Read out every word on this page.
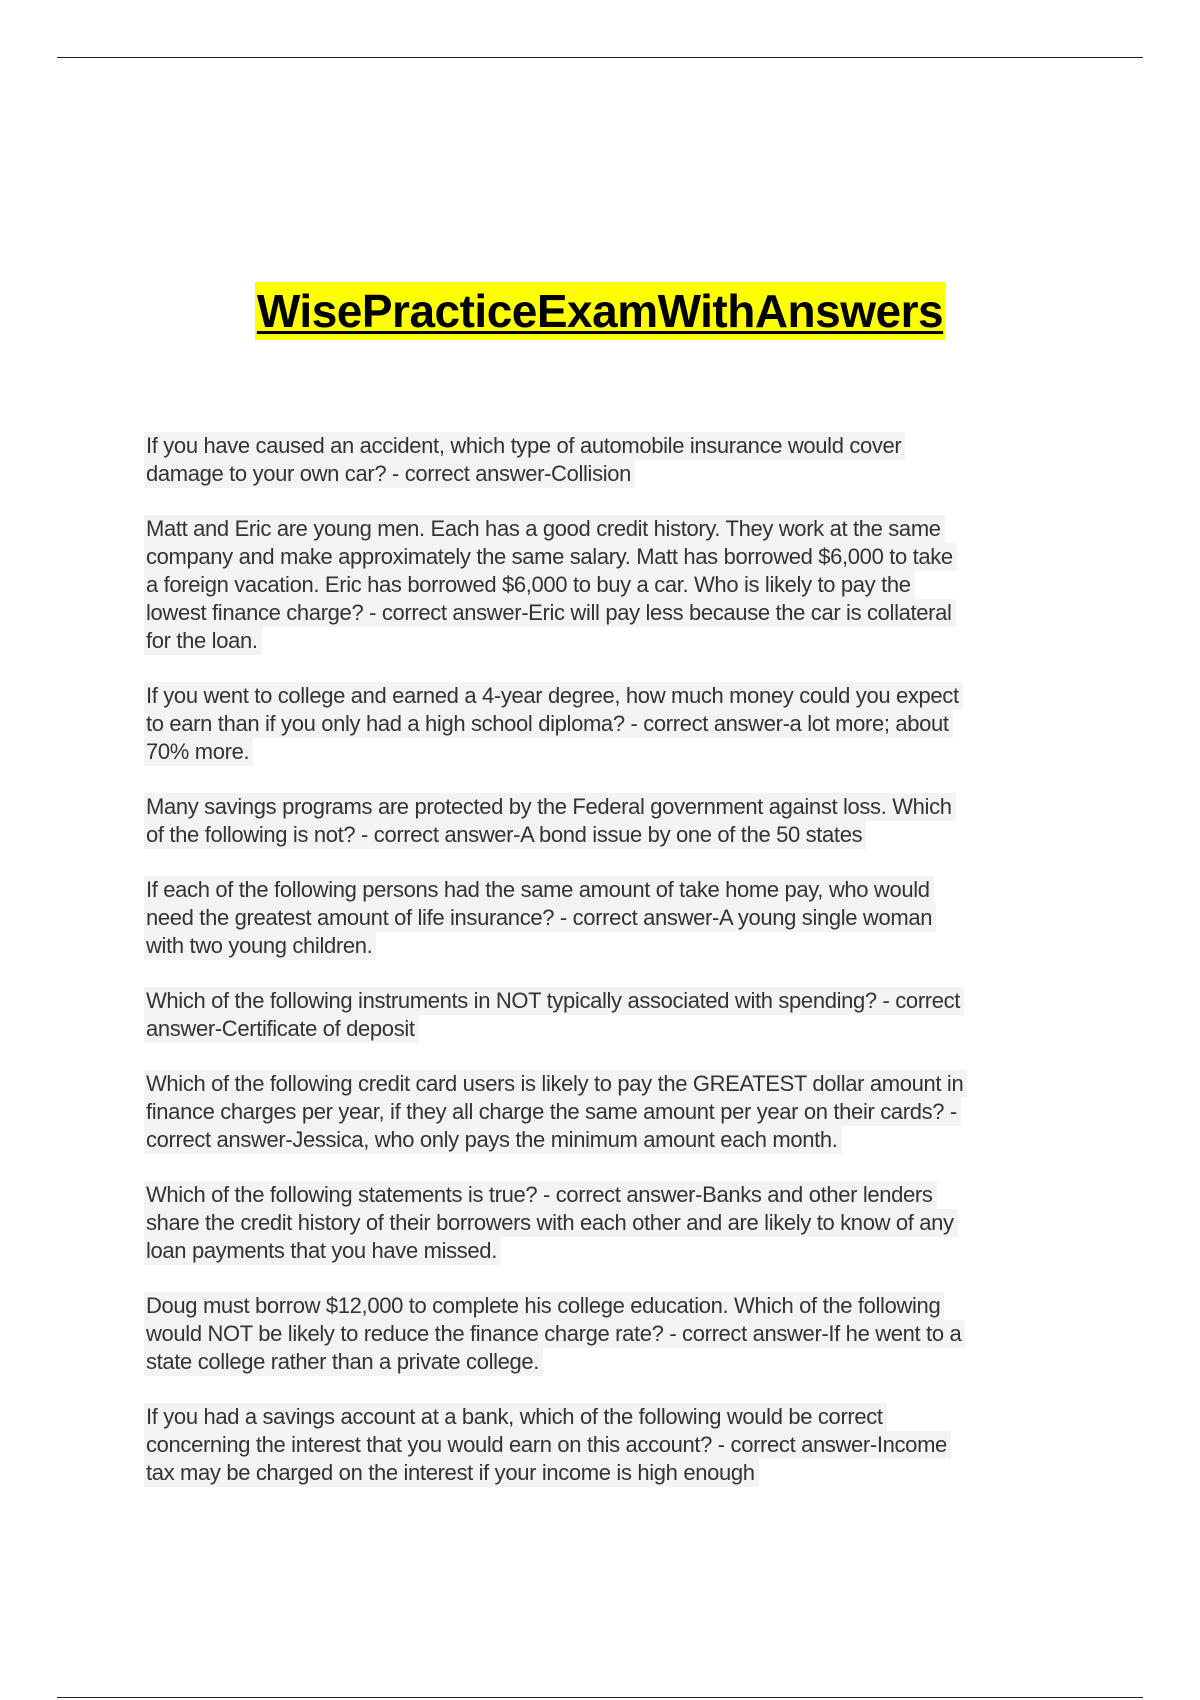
WisePracticeExamWithAnswers
If you have caused an accident, which type of automobile insurance would cover
damage to your own car? - correct answer-Collision
Matt and Eric are young men. Each has a good credit history. They work at the same
company and make approximately the same salary. Matt has borrowed $6,000 to take
a foreign vacation. Eric has borrowed $6,000 to buy a car. Who is likely to pay the
lowest finance charge? - correct answer-Eric will pay less because the car is collateral
for the loan.
If you went to college and earned a 4-year degree, how much money could you expect
to earn than if you only had a high school diploma? - correct answer-a lot more; about
70% more.
Many savings programs are protected by the Federal government against loss. Which
of the following is not? - correct answer-A bond issue by one of the 50 states
If each of the following persons had the same amount of take home pay, who would
need the greatest amount of life insurance? - correct answer-A young single woman
with two young children.
Which of the following instruments in NOT typically associated with spending? - correct
answer-Certificate of deposit
Which of the following credit card users is likely to pay the GREATEST dollar amount in
finance charges per year, if they all charge the same amount per year on their cards? -
correct answer-Jessica, who only pays the minimum amount each month.
Which of the following statements is true? - correct answer-Banks and other lenders
share the credit history of their borrowers with each other and are likely to know of any
loan payments that you have missed.
Doug must borrow $12,000 to complete his college education. Which of the following
would NOT be likely to reduce the finance charge rate? - correct answer-If he went to a
state college rather than a private college.
If you had a savings account at a bank, which of the following would be correct
concerning the interest that you would earn on this account? - correct answer-Income
tax may be charged on the interest if your income is high enough
